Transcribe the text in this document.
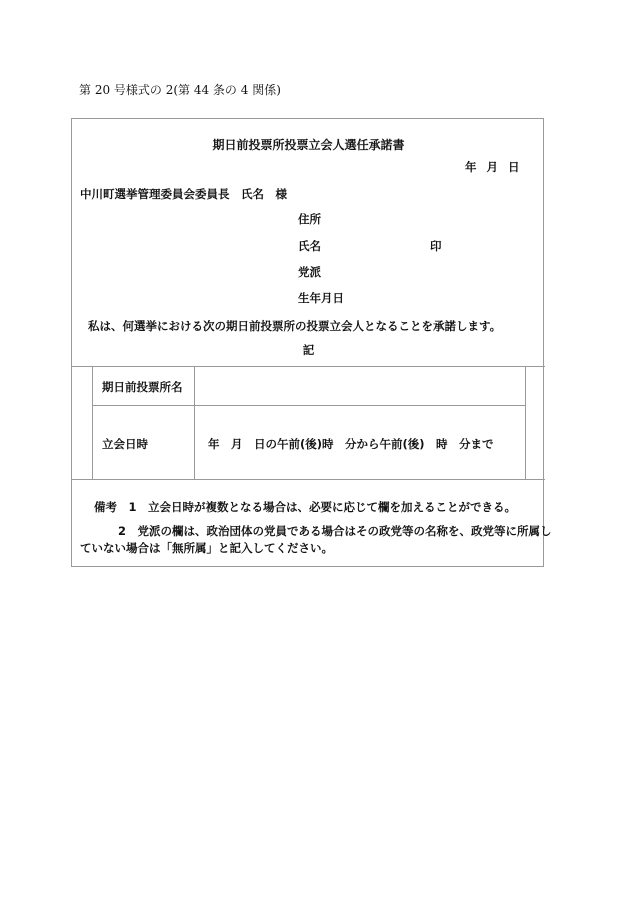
第 20 号様式の 2(第 44 条の 4 関係)
期日前投票所投票立会人選任承諾書
年 月 日
中川町選挙管理委員会委員長　氏名　様
住所
氏名	印
党派
生年月日
私は、何選挙における次の期日前投票所の投票立会人となることを承諾します。
記
期日前投票所名
立会日時	年　月　日の午前(後)時　分から午前(後)　時　分まで
備考　1　立会日時が複数となる場合は、必要に応じて欄を加えることができる。
2　党派の欄は、政治団体の党員である場合はその政党等の名称を、政党等に所属し
ていない場合は「無所属」と記入してください。
